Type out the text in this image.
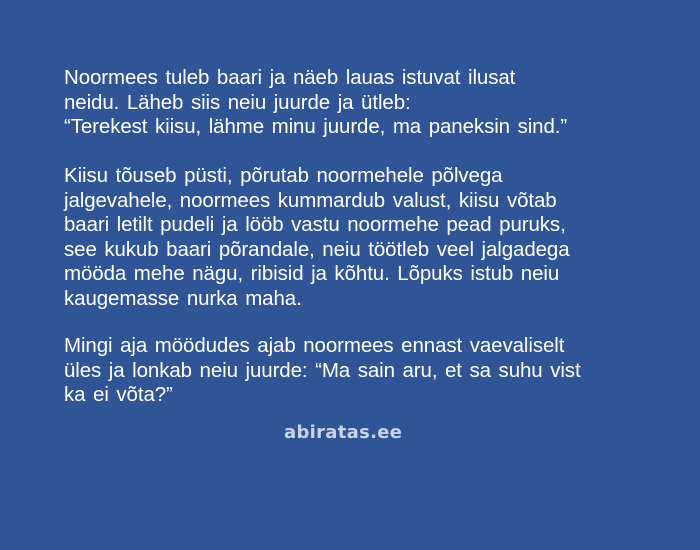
Noormees tuleb baari ja näeb lauas istuvat ilusat
neidu. Läheb siis neiu juurde ja ütleb:
“Terekest kiisu, lähme minu juurde, ma paneksin sind.”

Kiisu tõuseb püsti, põrutab noormehele põlvega
jalgevahele, noormees kummardub valust, kiisu võtab
baari letilt pudeli ja lööb vastu noormehe pead puruks,
see kukub baari põrandale, neiu töötleb veel jalgadega
mööda mehe nägu, ribisid ja kõhtu. Lõpuks istub neiu
kaugemasse nurka maha.

Mingi aja möödudes ajab noormees ennast vaevaliselt
üles ja lonkab neiu juurde: “Ma sain aru, et sa suhu vist
ka ei võta?”

abiratas.ee
